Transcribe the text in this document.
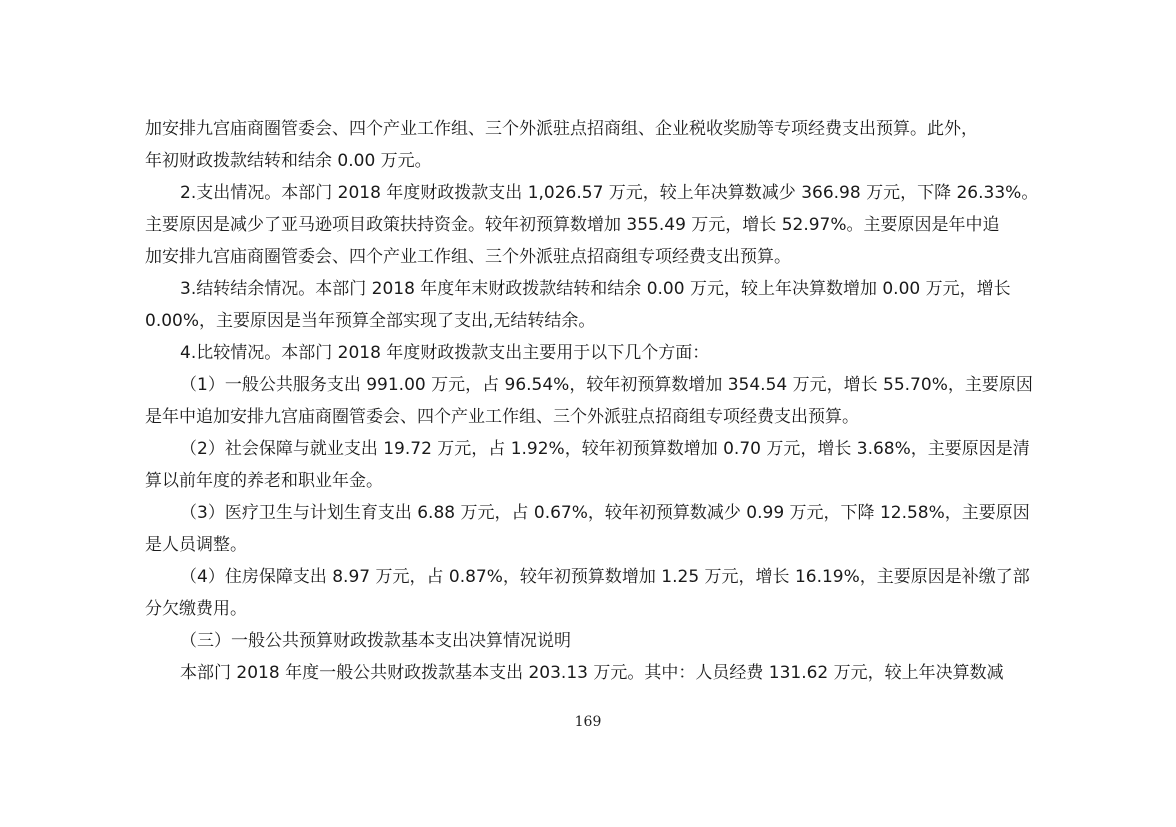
加安排九宫庙商圈管委会、四个产业工作组、三个外派驻点招商组、企业税收奖励等专项经费支出预算。此外，
年初财政拨款结转和结余 0.00 万元。
2.支出情况。本部门 2018 年度财政拨款支出 1,026.57 万元，较上年决算数减少 366.98 万元，下降 26.33%。
主要原因是减少了亚马逊项目政策扶持资金。较年初预算数增加 355.49 万元，增长 52.97%。主要原因是年中追
加安排九宫庙商圈管委会、四个产业工作组、三个外派驻点招商组专项经费支出预算。
3.结转结余情况。本部门 2018 年度年末财政拨款结转和结余 0.00 万元，较上年决算数增加 0.00 万元，增长
0.00%，主要原因是当年预算全部实现了支出,无结转结余。
4.比较情况。本部门 2018 年度财政拨款支出主要用于以下几个方面：
（1）一般公共服务支出 991.00 万元，占 96.54%，较年初预算数增加 354.54 万元，增长 55.70%，主要原因
是年中追加安排九宫庙商圈管委会、四个产业工作组、三个外派驻点招商组专项经费支出预算。
（2）社会保障与就业支出 19.72 万元，占 1.92%，较年初预算数增加 0.70 万元，增长 3.68%，主要原因是清
算以前年度的养老和职业年金。
（3）医疗卫生与计划生育支出 6.88 万元，占 0.67%，较年初预算数减少 0.99 万元，下降 12.58%，主要原因
是人员调整。
（4）住房保障支出 8.97 万元，占 0.87%，较年初预算数增加 1.25 万元，增长 16.19%，主要原因是补缴了部
分欠缴费用。
（三）一般公共预算财政拨款基本支出决算情况说明
本部门 2018 年度一般公共财政拨款基本支出 203.13 万元。其中：人员经费 131.62 万元，较上年决算数减
169
